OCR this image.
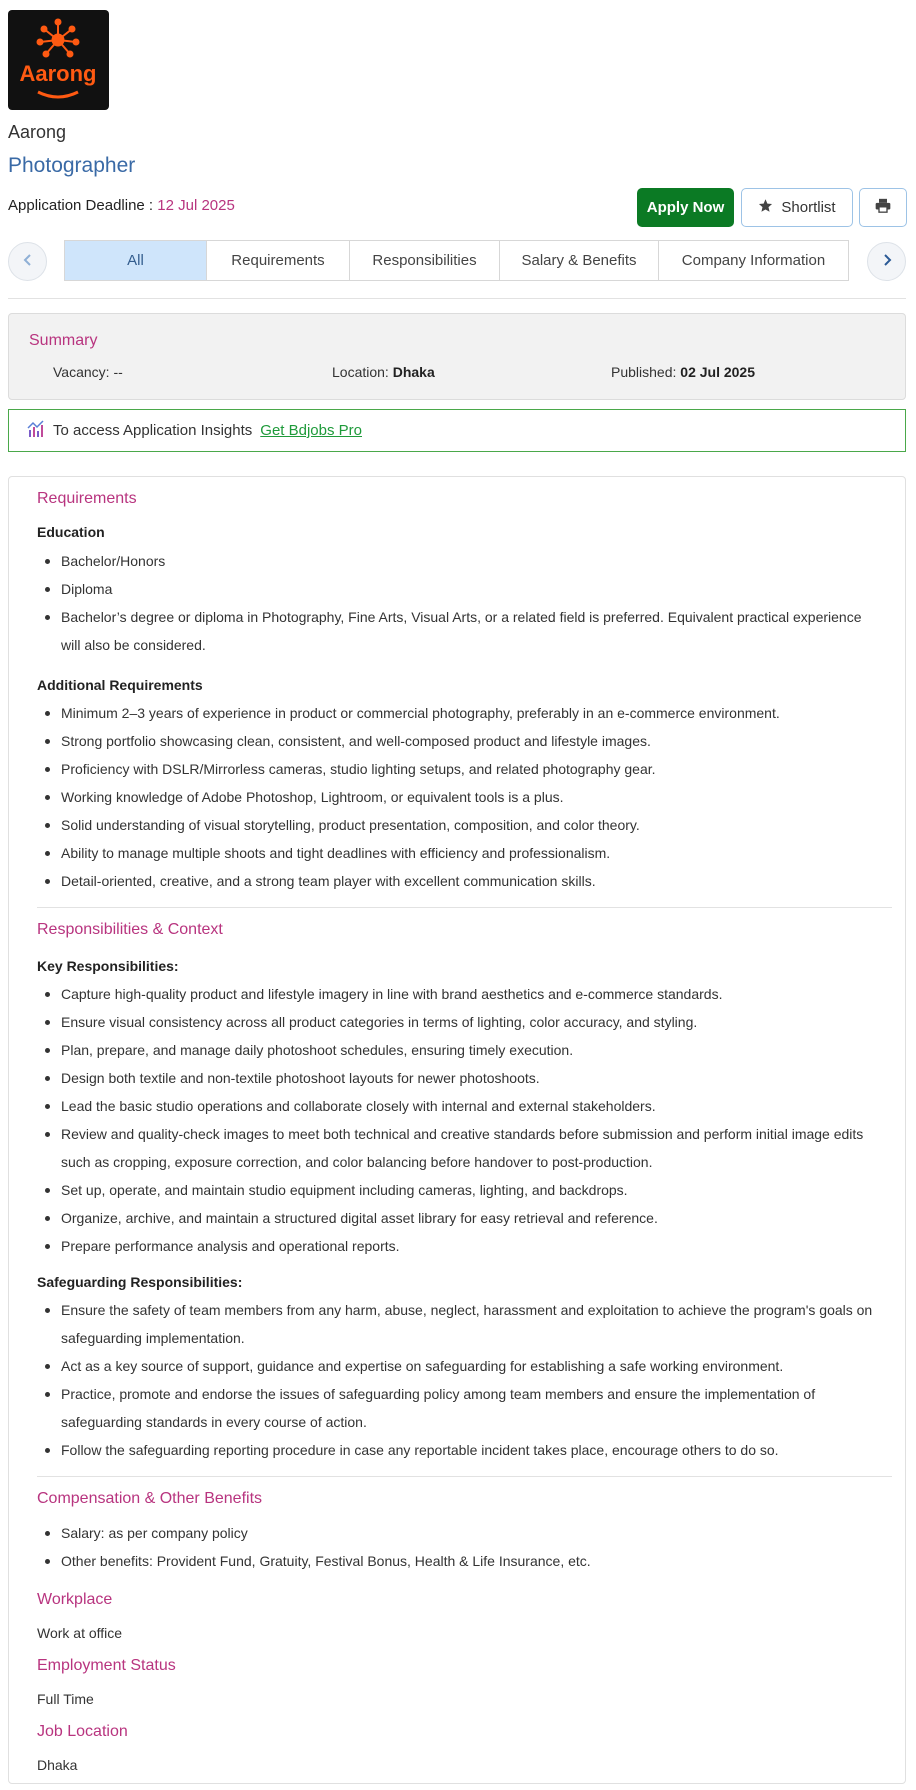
Aarong
Aarong
Photographer
Application Deadline : 12 Jul 2025	Apply Now	Shortlist
All	Requirements	Responsibilities	Salary & Benefits	Company Information
Summary
Vacancy: --	Location: Dhaka	Published: 02 Jul 2025
To access Application Insights Get Bdjobs Pro
Requirements
Education
Bachelor/Honors
Diploma
Bachelor’s degree or diploma in Photography, Fine Arts, Visual Arts, or a related field is preferred. Equivalent practical experience will also be considered.
Additional Requirements
Minimum 2–3 years of experience in product or commercial photography, preferably in an e-commerce environment.
Strong portfolio showcasing clean, consistent, and well-composed product and lifestyle images.
Proficiency with DSLR/Mirrorless cameras, studio lighting setups, and related photography gear.
Working knowledge of Adobe Photoshop, Lightroom, or equivalent tools is a plus.
Solid understanding of visual storytelling, product presentation, composition, and color theory.
Ability to manage multiple shoots and tight deadlines with efficiency and professionalism.
Detail-oriented, creative, and a strong team player with excellent communication skills.
Responsibilities & Context
Key Responsibilities:
Capture high-quality product and lifestyle imagery in line with brand aesthetics and e-commerce standards.
Ensure visual consistency across all product categories in terms of lighting, color accuracy, and styling.
Plan, prepare, and manage daily photoshoot schedules, ensuring timely execution.
Design both textile and non-textile photoshoot layouts for newer photoshoots.
Lead the basic studio operations and collaborate closely with internal and external stakeholders.
Review and quality-check images to meet both technical and creative standards before submission and perform initial image edits such as cropping, exposure correction, and color balancing before handover to post-production.
Set up, operate, and maintain studio equipment including cameras, lighting, and backdrops.
Organize, archive, and maintain a structured digital asset library for easy retrieval and reference.
Prepare performance analysis and operational reports.
Safeguarding Responsibilities:
Ensure the safety of team members from any harm, abuse, neglect, harassment and exploitation to achieve the program's goals on safeguarding implementation.
Act as a key source of support, guidance and expertise on safeguarding for establishing a safe working environment.
Practice, promote and endorse the issues of safeguarding policy among team members and ensure the implementation of safeguarding standards in every course of action.
Follow the safeguarding reporting procedure in case any reportable incident takes place, encourage others to do so.
Compensation & Other Benefits
Salary: as per company policy
Other benefits: Provident Fund, Gratuity, Festival Bonus, Health & Life Insurance, etc.
Workplace
Work at office
Employment Status
Full Time
Job Location
Dhaka
